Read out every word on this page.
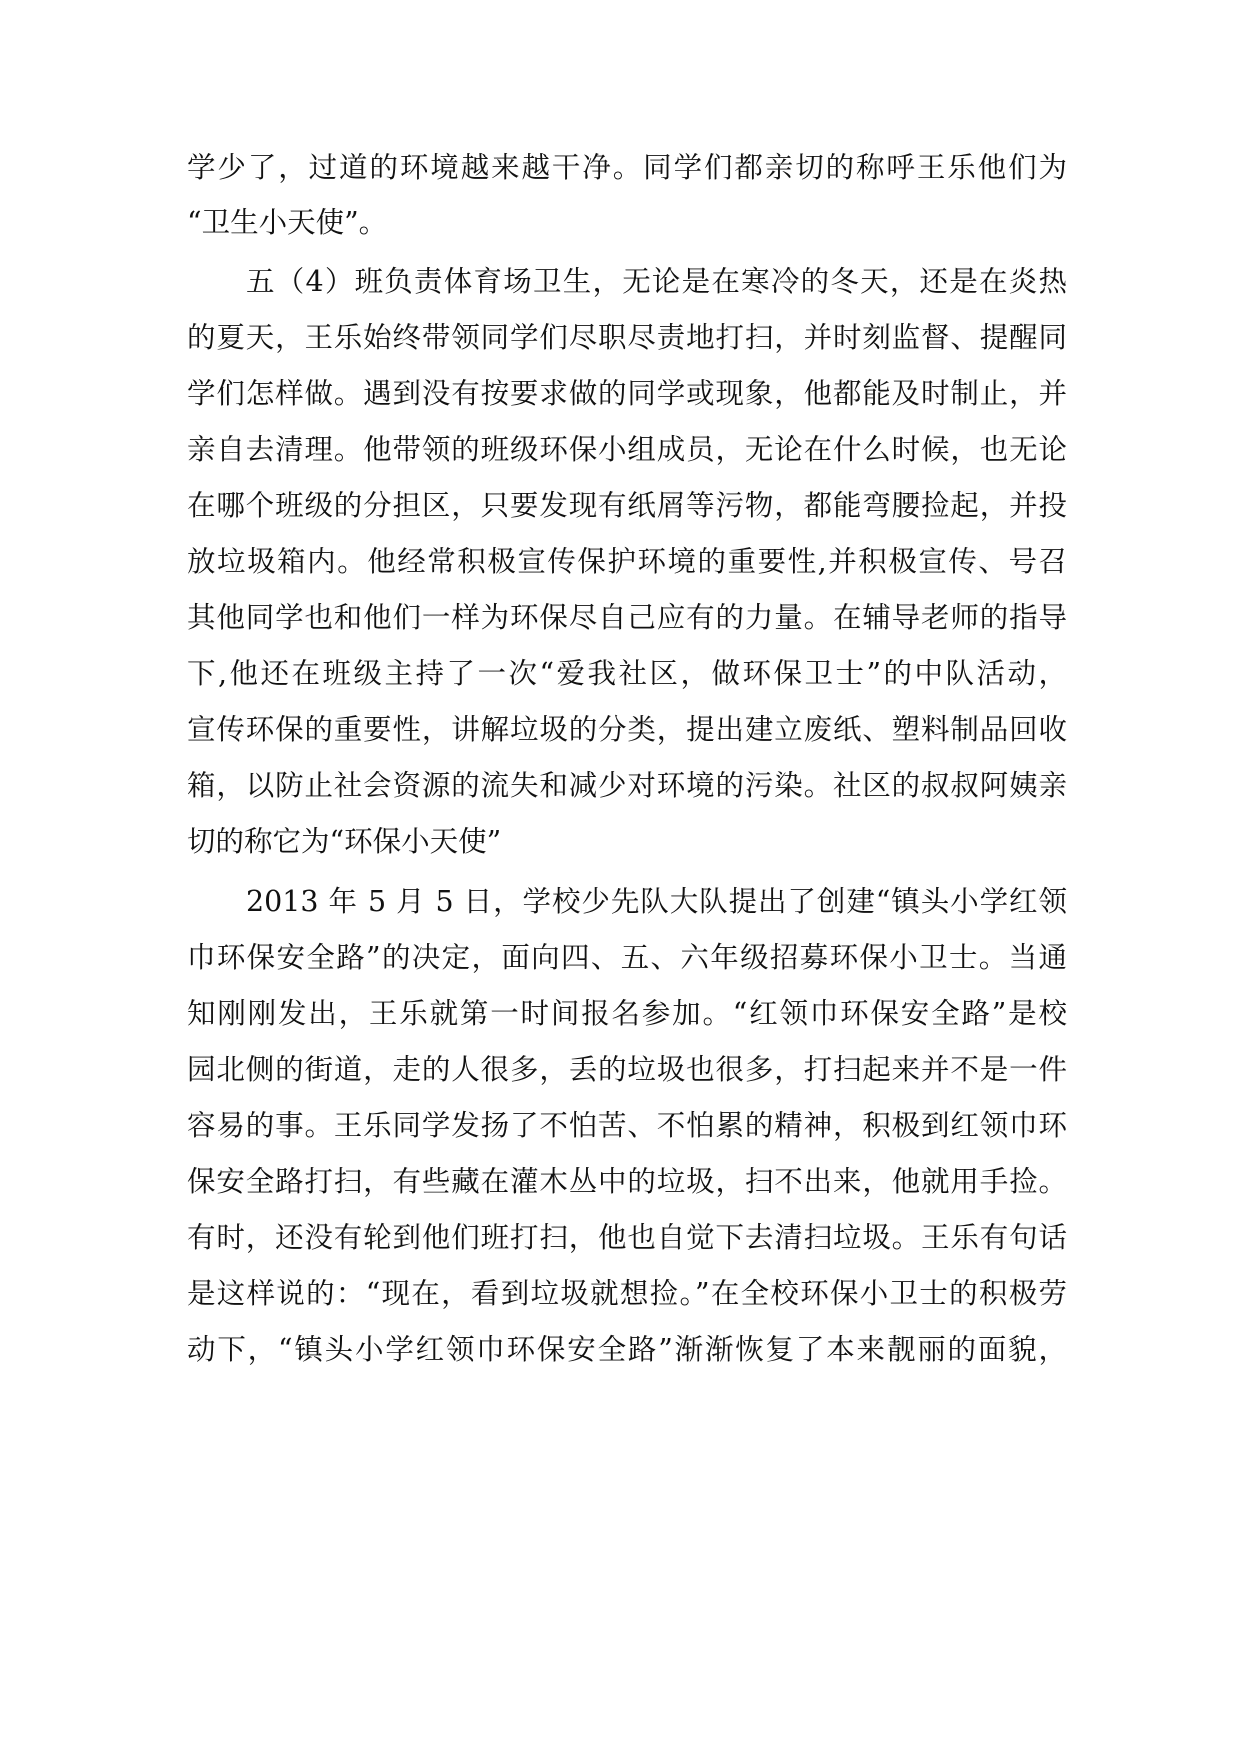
学少了，过道的环境越来越干净。同学们都亲切的称呼王乐他们为

“卫生小天使”。

五（4）班负责体育场卫生，无论是在寒冷的冬天，还是在炎热

的夏天，王乐始终带领同学们尽职尽责地打扫，并时刻监督、提醒同

学们怎样做。遇到没有按要求做的同学或现象，他都能及时制止，并

亲自去清理。他带领的班级环保小组成员，无论在什么时候，也无论

在哪个班级的分担区，只要发现有纸屑等污物，都能弯腰捡起，并投

放垃圾箱内。他经常积极宣传保护环境的重要性,并积极宣传、号召

其他同学也和他们一样为环保尽自己应有的力量。在辅导老师的指导

下,他还在班级主持了一次“爱我社区，做环保卫士”的中队活动，

宣传环保的重要性，讲解垃圾的分类，提出建立废纸、塑料制品回收

箱，以防止社会资源的流失和减少对环境的污染。社区的叔叔阿姨亲

切的称它为“环保小天使”

2013 年 5 月 5 日，学校少先队大队提出了创建“镇头小学红领

巾环保安全路”的决定，面向四、五、六年级招募环保小卫士。当通

知刚刚发出，王乐就第一时间报名参加。“红领巾环保安全路”是校

园北侧的街道，走的人很多，丢的垃圾也很多，打扫起来并不是一件

容易的事。王乐同学发扬了不怕苦、不怕累的精神，积极到红领巾环

保安全路打扫，有些藏在灌木丛中的垃圾，扫不出来，他就用手捡。

有时，还没有轮到他们班打扫，他也自觉下去清扫垃圾。王乐有句话

是这样说的：“现在，看到垃圾就想捡。”在全校环保小卫士的积极劳

动下，“镇头小学红领巾环保安全路”渐渐恢复了本来靓丽的面貌，
